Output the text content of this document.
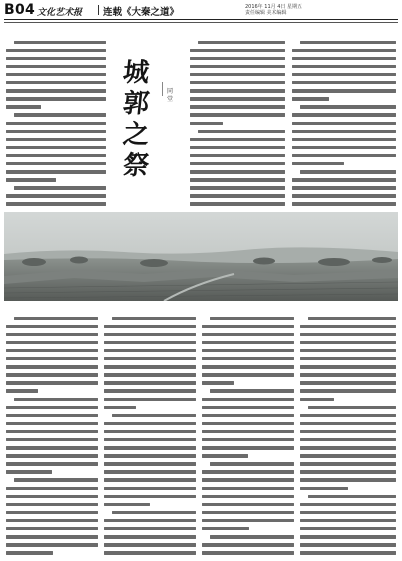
B04 文化艺术报 连载《大秦之道》	2016年 11月 4日 星期五
责任编辑 美术编辑
城
郭
之
祭
同
堂
